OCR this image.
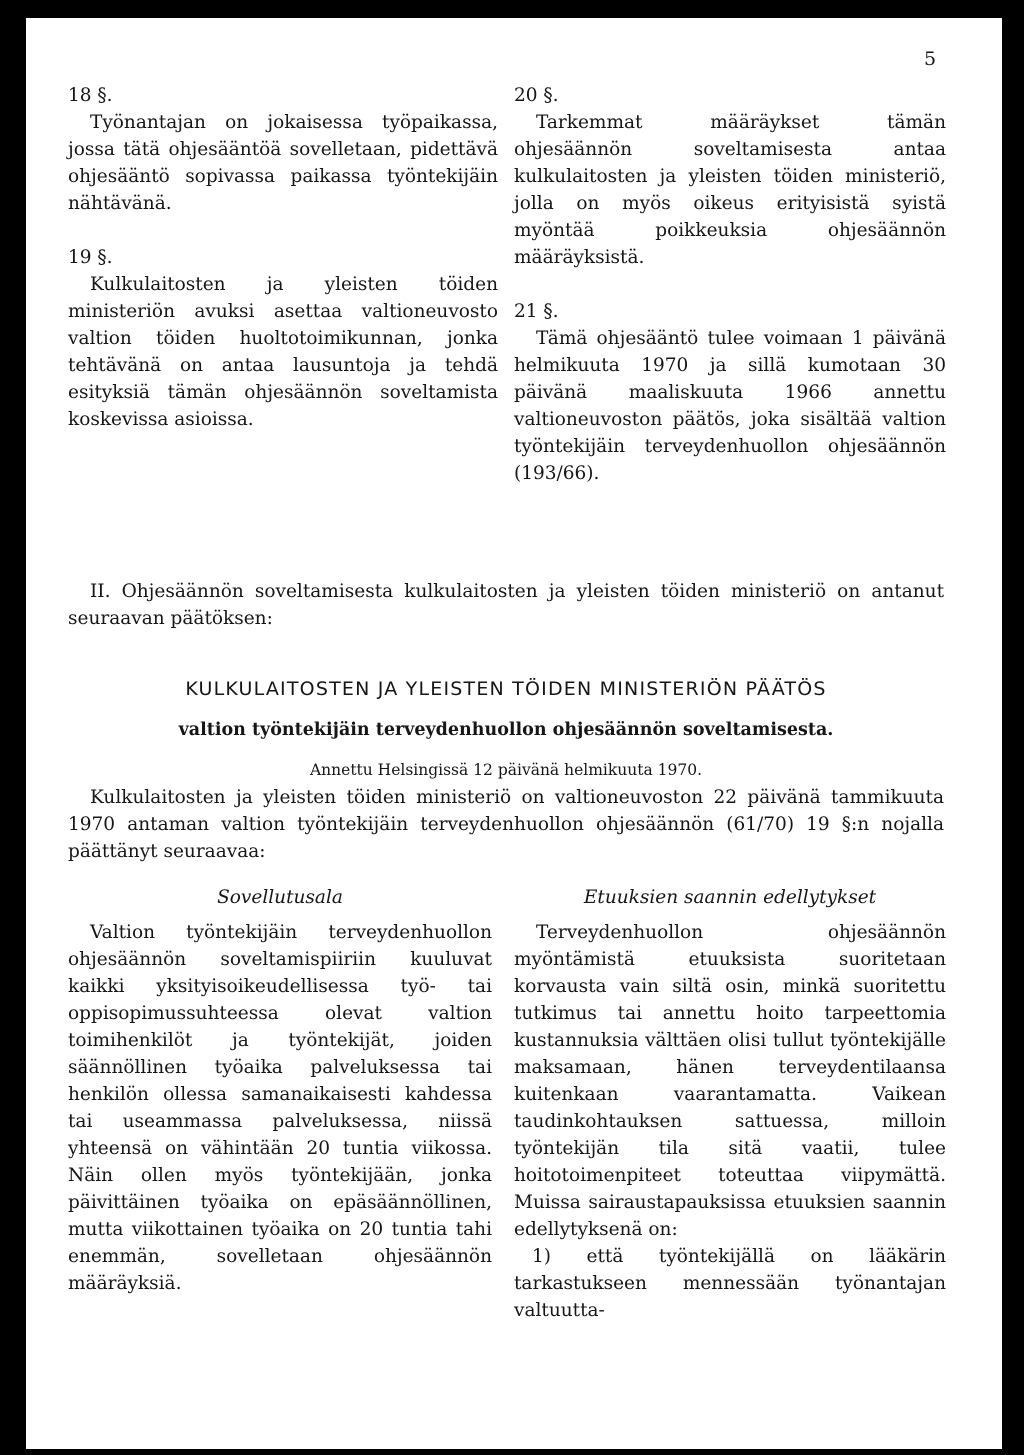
5

18 §.

Työnantajan on jokaisessa työpaikassa, jossa tätä ohjesääntöä sovelletaan, pidettävä ohjesääntö sopivassa paikassa työntekijäin nähtävänä.

19 §.

Kulkulaitosten ja yleisten töiden ministeriön avuksi asettaa valtioneuvosto valtion töiden huoltotoimikunnan, jonka tehtävänä on antaa lausuntoja ja tehdä esityksiä tämän ohjesäännön soveltamista koskevissa asioissa.

20 §.

Tarkemmat määräykset tämän ohjesäännön soveltamisesta antaa kulkulaitosten ja yleisten töiden ministeriö, jolla on myös oikeus erityisistä syistä myöntää poikkeuksia ohjesäännön määräyksistä.

21 §.

Tämä ohjesääntö tulee voimaan 1 päivänä helmikuuta 1970 ja sillä kumotaan 30 päivänä maaliskuuta 1966 annettu valtioneuvoston päätös, joka sisältää valtion työntekijäin terveydenhuollon ohjesäännön (193/66).

II. Ohjesäännön soveltamisesta kulkulaitosten ja yleisten töiden ministeriö on antanut seuraavan päätöksen:

KULKULAITOSTEN JA YLEISTEN TÖIDEN MINISTERIÖN PÄÄTÖS
valtion työntekijäin terveydenhuollon ohjesäännön soveltamisesta.
Annettu Helsingissä 12 päivänä helmikuuta 1970.

Kulkulaitosten ja yleisten töiden ministeriö on valtioneuvoston 22 päivänä tammikuuta 1970 antaman valtion työntekijäin terveydenhuollon ohjesäännön (61/70) 19 §:n nojalla päättänyt seuraavaa:

Sovellutusala

Valtion työntekijäin terveydenhuollon ohjesäännön soveltamispiiriin kuuluvat kaikki yksityisoikeudellisessa työ- tai oppisopimussuhteessa olevat valtion toimihenkilöt ja työntekijät, joiden säännöllinen työaika palveluksessa tai henkilön ollessa samanaikaisesti kahdessa tai useammassa palveluksessa, niissä yhteensä on vähintään 20 tuntia viikossa. Näin ollen myös työntekijään, jonka päivittäinen työaika on epäsäännöllinen, mutta viikottainen työaika on 20 tuntia tahi enemmän, sovelletaan ohjesäännön määräyksiä.

Etuuksien saannin edellytykset

Terveydenhuollon ohjesäännön myöntämistä etuuksista suoritetaan korvausta vain siltä osin, minkä suoritettu tutkimus tai annettu hoito tarpeettomia kustannuksia välttäen olisi tullut työntekijälle maksamaan, hänen terveydentilaansa kuitenkaan vaarantamatta. Vaikean taudinkohtauksen sattuessa, milloin työntekijän tila sitä vaatii, tulee hoitotoimenpiteet toteuttaa viipymättä. Muissa sairaustapauksissa etuuksien saannin edellytyksenä on:

1) että työntekijällä on lääkärin tarkastukseen mennessään työnantajan valtuutta-
